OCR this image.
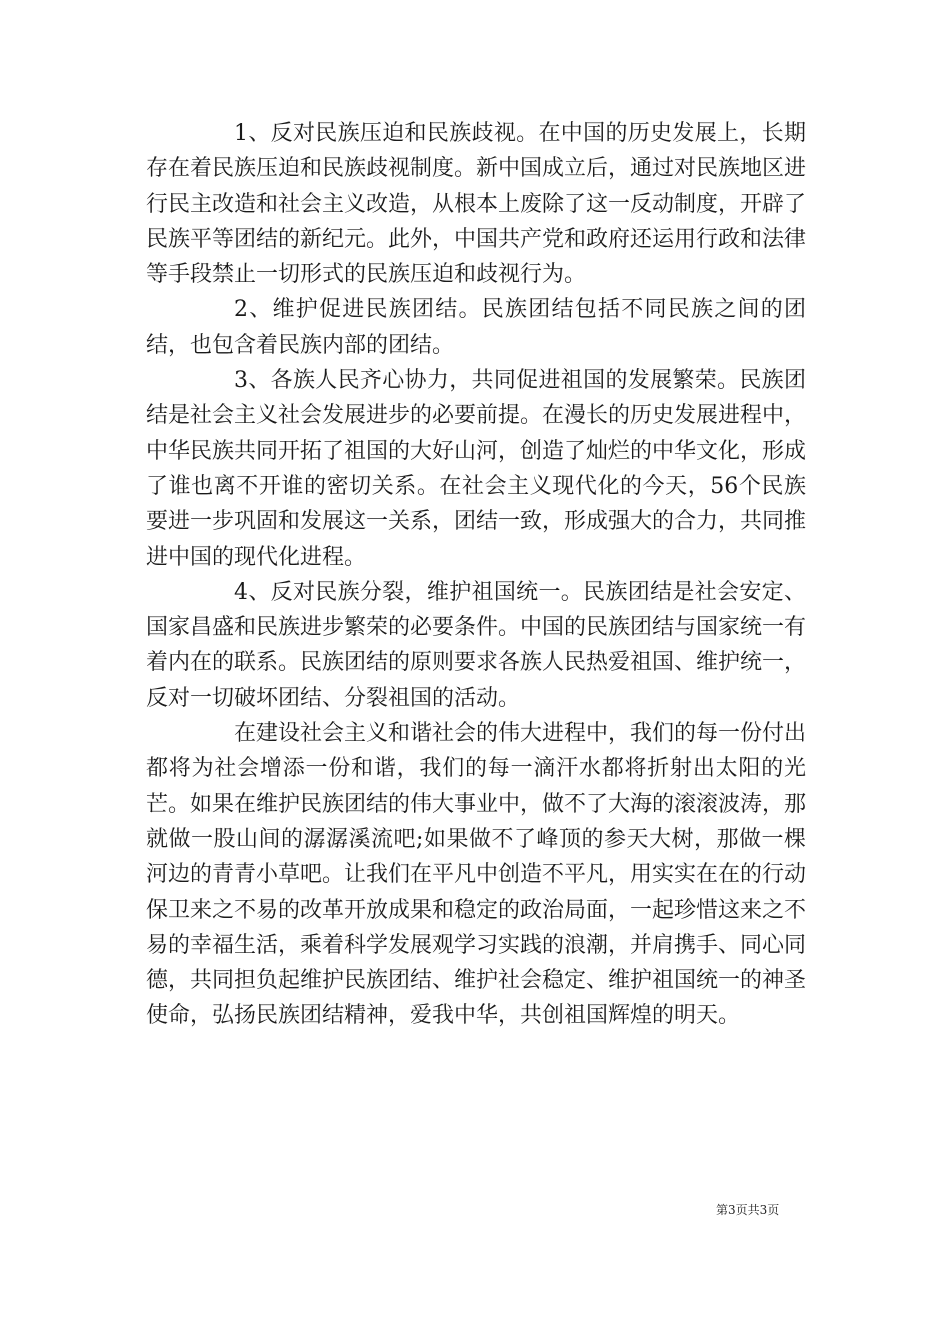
1、反对民族压迫和民族歧视。在中国的历史发展上，长期存在着民族压迫和民族歧视制度。新中国成立后，通过对民族地区进行民主改造和社会主义改造，从根本上废除了这一反动制度，开辟了民族平等团结的新纪元。此外，中国共产党和政府还运用行政和法律等手段禁止一切形式的民族压迫和歧视行为。

2、维护促进民族团结。民族团结包括不同民族之间的团结，也包含着民族内部的团结。

3、各族人民齐心协力，共同促进祖国的发展繁荣。民族团结是社会主义社会发展进步的必要前提。在漫长的历史发展进程中，中华民族共同开拓了祖国的大好山河，创造了灿烂的中华文化，形成了谁也离不开谁的密切关系。在社会主义现代化的今天，56个民族要进一步巩固和发展这一关系，团结一致，形成强大的合力，共同推进中国的现代化进程。

4、反对民族分裂，维护祖国统一。民族团结是社会安定、国家昌盛和民族进步繁荣的必要条件。中国的民族团结与国家统一有着内在的联系。民族团结的原则要求各族人民热爱祖国、维护统一，反对一切破坏团结、分裂祖国的活动。

在建设社会主义和谐社会的伟大进程中，我们的每一份付出都将为社会增添一份和谐，我们的每一滴汗水都将折射出太阳的光芒。如果在维护民族团结的伟大事业中，做不了大海的滚滚波涛，那就做一股山间的潺潺溪流吧;如果做不了峰顶的参天大树，那做一棵河边的青青小草吧。让我们在平凡中创造不平凡，用实实在在的行动保卫来之不易的改革开放成果和稳定的政治局面，一起珍惜这来之不易的幸福生活，乘着科学发展观学习实践的浪潮，并肩携手、同心同德，共同担负起维护民族团结、维护社会稳定、维护祖国统一的神圣使命，弘扬民族团结精神，爱我中华，共创祖国辉煌的明天。

第3页共3页
